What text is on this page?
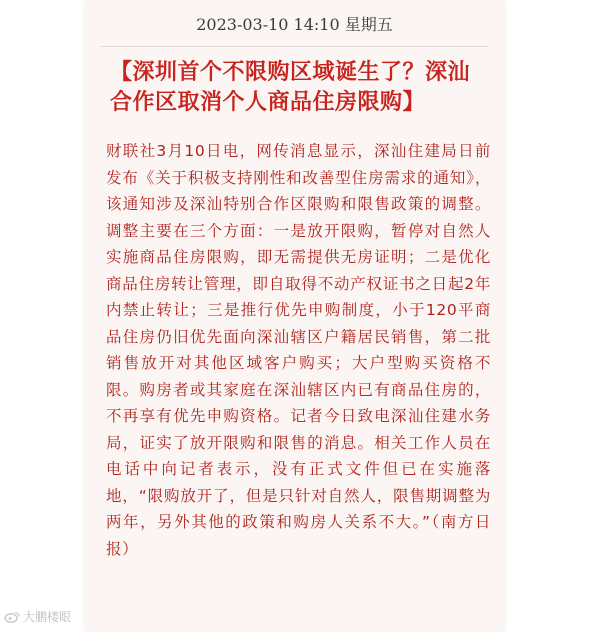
2023-03-10 14:10 星期五
【深圳首个不限购区域诞生了？深汕合作区取消个人商品住房限购】
财联社3月10日电，网传消息显示，深汕住建局日前发布《关于积极支持刚性和改善型住房需求的通知》，该通知涉及深汕特别合作区限购和限售政策的调整。调整主要在三个方面：一是放开限购，暂停对自然人实施商品住房限购，即无需提供无房证明；二是优化商品住房转让管理，即自取得不动产权证书之日起2年内禁止转让；三是推行优先申购制度，小于120平商品住房仍旧优先面向深汕辖区户籍居民销售，第二批销售放开对其他区域客户购买；大户型购买资格不限。购房者或其家庭在深汕辖区内已有商品住房的，不再享有优先申购资格。记者今日致电深汕住建水务局，证实了放开限购和限售的消息。相关工作人员在电话中向记者表示，没有正式文件但已在实施落地，“限购放开了，但是只针对自然人，限售期调整为两年，另外其他的政策和购房人关系不大。”（南方日报）
大鹏楼眼
